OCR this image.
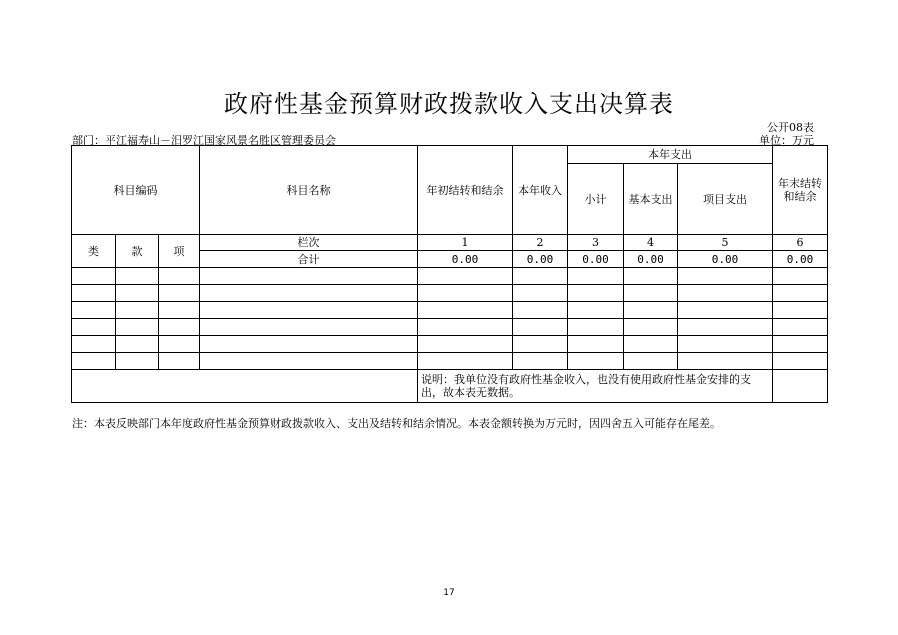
政府性基金预算财政拨款收入支出决算表
公开08表
部门：平江福寿山－汨罗江国家风景名胜区管理委员会	单位：万元
科目编码			科目名称	年初结转和结余	本年收入	本年支出			年末结转和结余
						小计	基本支出	项目支出	
类	款	项	栏次	1	2	3	4	5	6
			合计	0.00	0.00	0.00	0.00	0.00	0.00

				说明：我单位没有政府性基金收入，也没有使用政府性基金安排的支出，故本表无数据。					
注：本表反映部门本年度政府性基金预算财政拨款收入、支出及结转和结余情况。本表金额转换为万元时，因四舍五入可能存在尾差。
17
